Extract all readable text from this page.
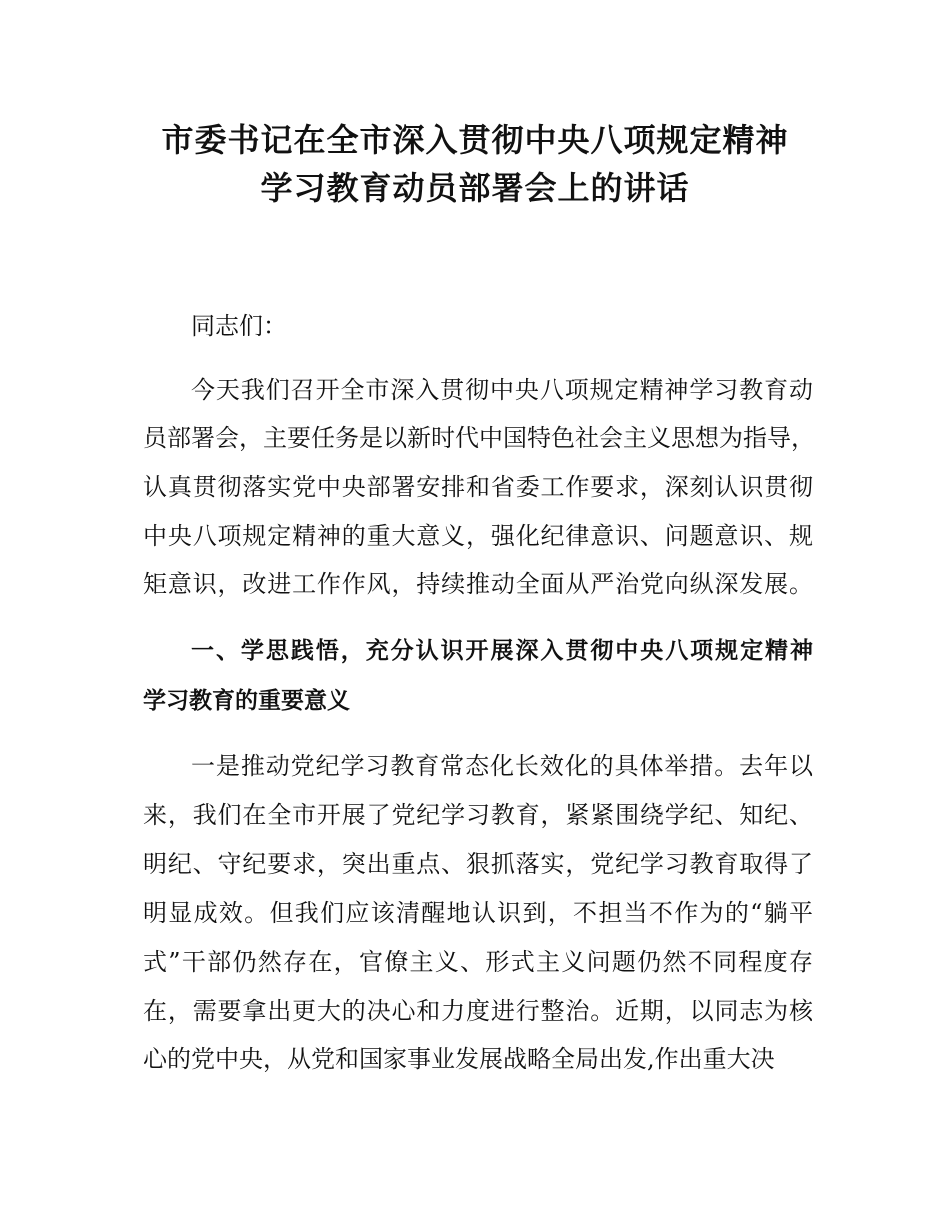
市委书记在全市深入贯彻中央八项规定精神
学习教育动员部署会上的讲话
同志们：
今天我们召开全市深入贯彻中央八项规定精神学习教育动
员部署会，主要任务是以新时代中国特色社会主义思想为指导，
认真贯彻落实党中央部署安排和省委工作要求，深刻认识贯彻
中央八项规定精神的重大意义，强化纪律意识、问题意识、规
矩意识，改进工作作风，持续推动全面从严治党向纵深发展。
一、学思践悟，充分认识开展深入贯彻中央八项规定精神
学习教育的重要意义
一是推动党纪学习教育常态化长效化的具体举措。去年以
来，我们在全市开展了党纪学习教育，紧紧围绕学纪、知纪、
明纪、守纪要求，突出重点、狠抓落实，党纪学习教育取得了
明显成效。但我们应该清醒地认识到，不担当不作为的“躺平
式”干部仍然存在，官僚主义、形式主义问题仍然不同程度存
在，需要拿出更大的决心和力度进行整治。近期，以同志为核
心的党中央，从党和国家事业发展战略全局出发,作出重大决
